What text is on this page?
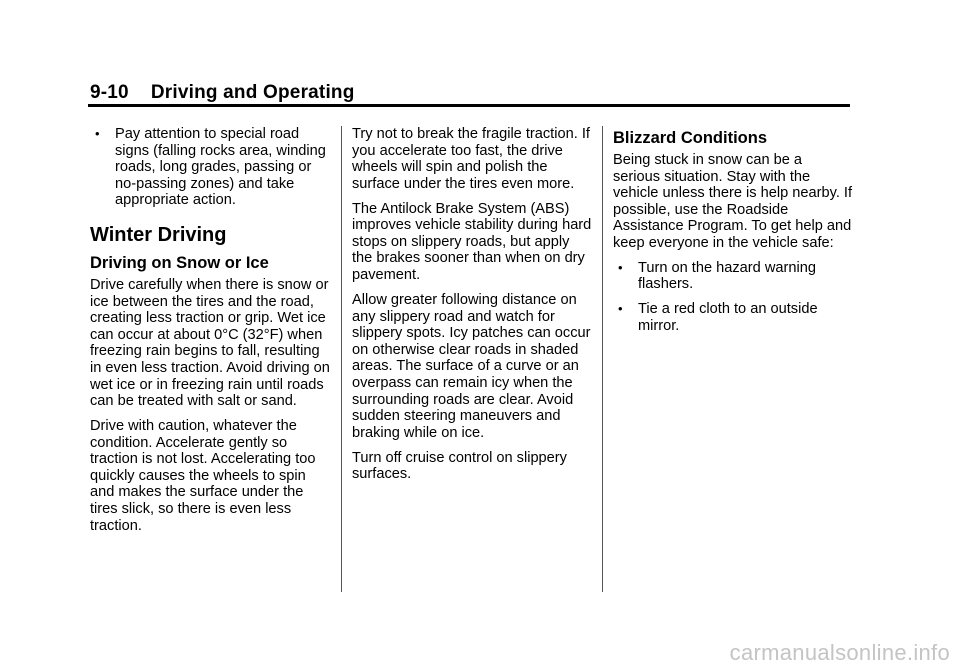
9-10 Driving and Operating
• Pay attention to special road signs (falling rocks area, winding roads, long grades, passing or no-passing zones) and take appropriate action.
Winter Driving
Driving on Snow or Ice

Drive carefully when there is snow or ice between the tires and the road, creating less traction or grip. Wet ice can occur at about 0°C (32°F) when freezing rain begins to fall, resulting in even less traction. Avoid driving on wet ice or in freezing rain until roads can be treated with salt or sand.

Drive with caution, whatever the condition. Accelerate gently so traction is not lost. Accelerating too quickly causes the wheels to spin and makes the surface under the tires slick, so there is even less traction.

Try not to break the fragile traction. If you accelerate too fast, the drive wheels will spin and polish the surface under the tires even more.

The Antilock Brake System (ABS) improves vehicle stability during hard stops on slippery roads, but apply the brakes sooner than when on dry pavement.

Allow greater following distance on any slippery road and watch for slippery spots. Icy patches can occur on otherwise clear roads in shaded areas. The surface of a curve or an overpass can remain icy when the surrounding roads are clear. Avoid sudden steering maneuvers and braking while on ice.

Turn off cruise control on slippery surfaces.

Blizzard Conditions

Being stuck in snow can be a serious situation. Stay with the vehicle unless there is help nearby. If possible, use the Roadside Assistance Program. To get help and keep everyone in the vehicle safe:

• Turn on the hazard warning flashers.
• Tie a red cloth to an outside mirror.
carmanualsonline.info
